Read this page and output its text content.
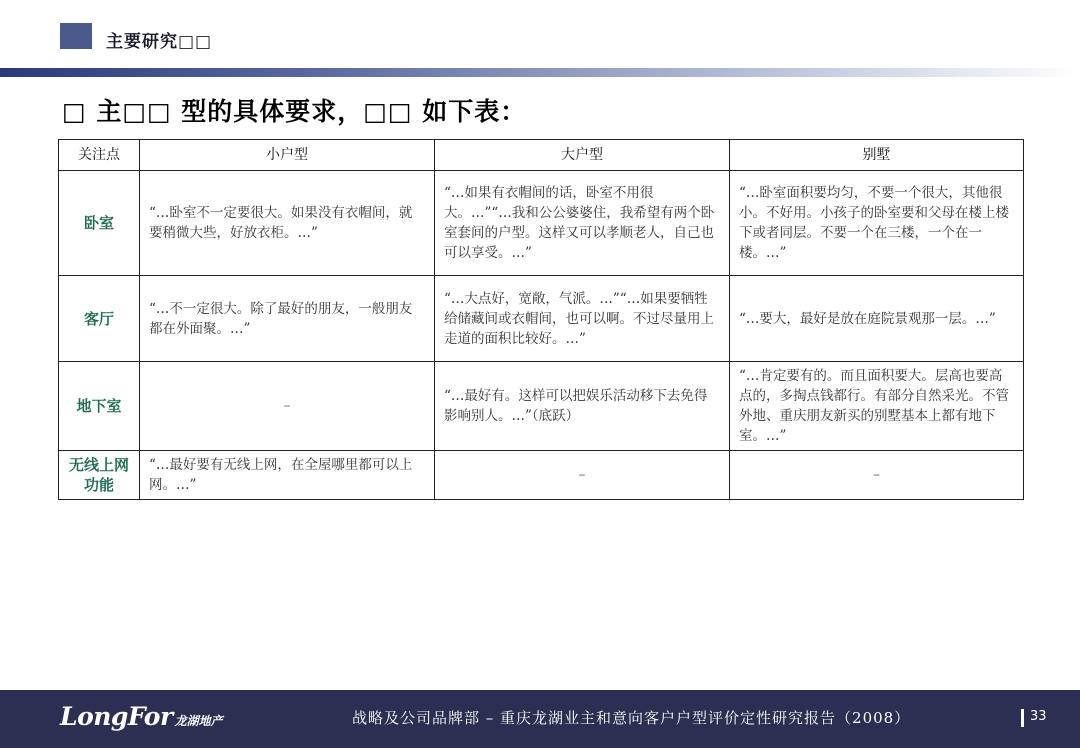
主要研究□□
□ 主□□ 型的具体要求，□□ 如下表：
关注点	小户型	大户型	别墅
卧室	“…卧室不一定要很大。如果没有衣帽间，就要稍微大些，好放衣柜。…”	“…如果有衣帽间的话，卧室不用很大。…”“…我和公公婆婆住，我希望有两个卧室套间的户型。这样又可以孝顺老人，自己也可以享受。…”	“…卧室面积要均匀，不要一个很大，其他很小。不好用。小孩子的卧室要和父母在楼上楼下或者同层。不要一个在三楼，一个在一楼。…”
客厅	“…不一定很大。除了最好的朋友，一般朋友都在外面聚。…”	“…大点好，宽敞，气派。…”“…如果要牺牲给储藏间或衣帽间，也可以啊。不过尽量用上走道的面积比较好。…”	“…要大，最好是放在庭院景观那一层。…”
地下室	–	“…最好有。这样可以把娱乐活动移下去免得影响别人。…”（底跃）	“…肯定要有的。而且面积要大。层高也要高点的，多掏点钱都行。有部分自然采光。不管外地、重庆朋友新买的别墅基本上都有地下室。…”
无线上网功能	“…最好要有无线上网，在全屋哪里都可以上网。…”	–	–
LongFor 龙湖地产	战略及公司品牌部 – 重庆龙湖业主和意向客户户型评价定性研究报告（2008）	33
